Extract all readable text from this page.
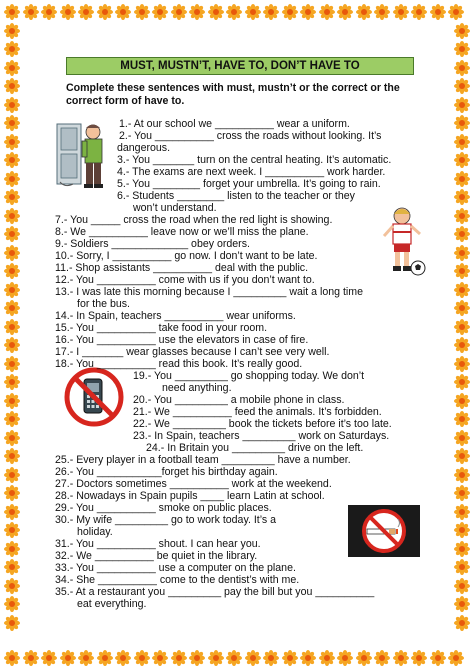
MUST, MUSTN’T, HAVE TO, DON’T HAVE TO
Complete these sentences with must, mustn’t or the correct or the correct form of have to.
1.- At our school we __________ wear a uniform.
2.- You __________ cross the roads without looking. It’s
dangerous.
3.- You _______ turn on the central heating. It’s automatic.
4.- The exams are next week. I __________ work harder.
5.- You ________ forget your umbrella. It’s going to rain.
6.- Students ________ listen to the teacher or they
won’t understand.
7.- You _____ cross the road when the red light is showing.
8.- We __________ leave now or we’ll miss the plane.
9.- Soldiers _____________ obey orders.
10.- Sorry, I __________ go now. I don’t want to be late.
11.- Shop assistants __________ deal with the public.
12.- You __________ come with us if you don’t want to.
13.- I was late this morning because I _________ wait a long time
for the bus.
14.- In Spain, teachers __________ wear uniforms.
15.- You __________ take food in your room.
16.- You __________ use the elevators in case of fire.
17.- I _______ wear glasses because I can’t see very well.
18.- You __________ read this book. It’s really good.
19.- You _________ go shopping today. We don’t
need anything.
20.- You _________ a mobile phone in class.
21.- We __________ feed the animals. It’s forbidden.
22.- We _________ book the tickets before it’s too late.
23.- In Spain, teachers _________ work on Saturdays.
24.- In Britain you _________ drive on the left.
25.- Every player in a football team _________ have a number.
26.- You ___________forget his birthday again.
27.- Doctors sometimes __________ work at the weekend.
28.- Nowadays in Spain pupils ____ learn Latin at school.
29.- You __________ smoke on public places.
30.- My wife _________ go to work today. It’s a
holiday.
31.- You __________ shout. I can hear you.
32.- We __________ be quiet in the library.
33.- You __________ use a computer on the plane.
34.- She __________ come to the dentist’s with me.
35.- At a restaurant you _________ pay the bill but you __________
eat everything.
